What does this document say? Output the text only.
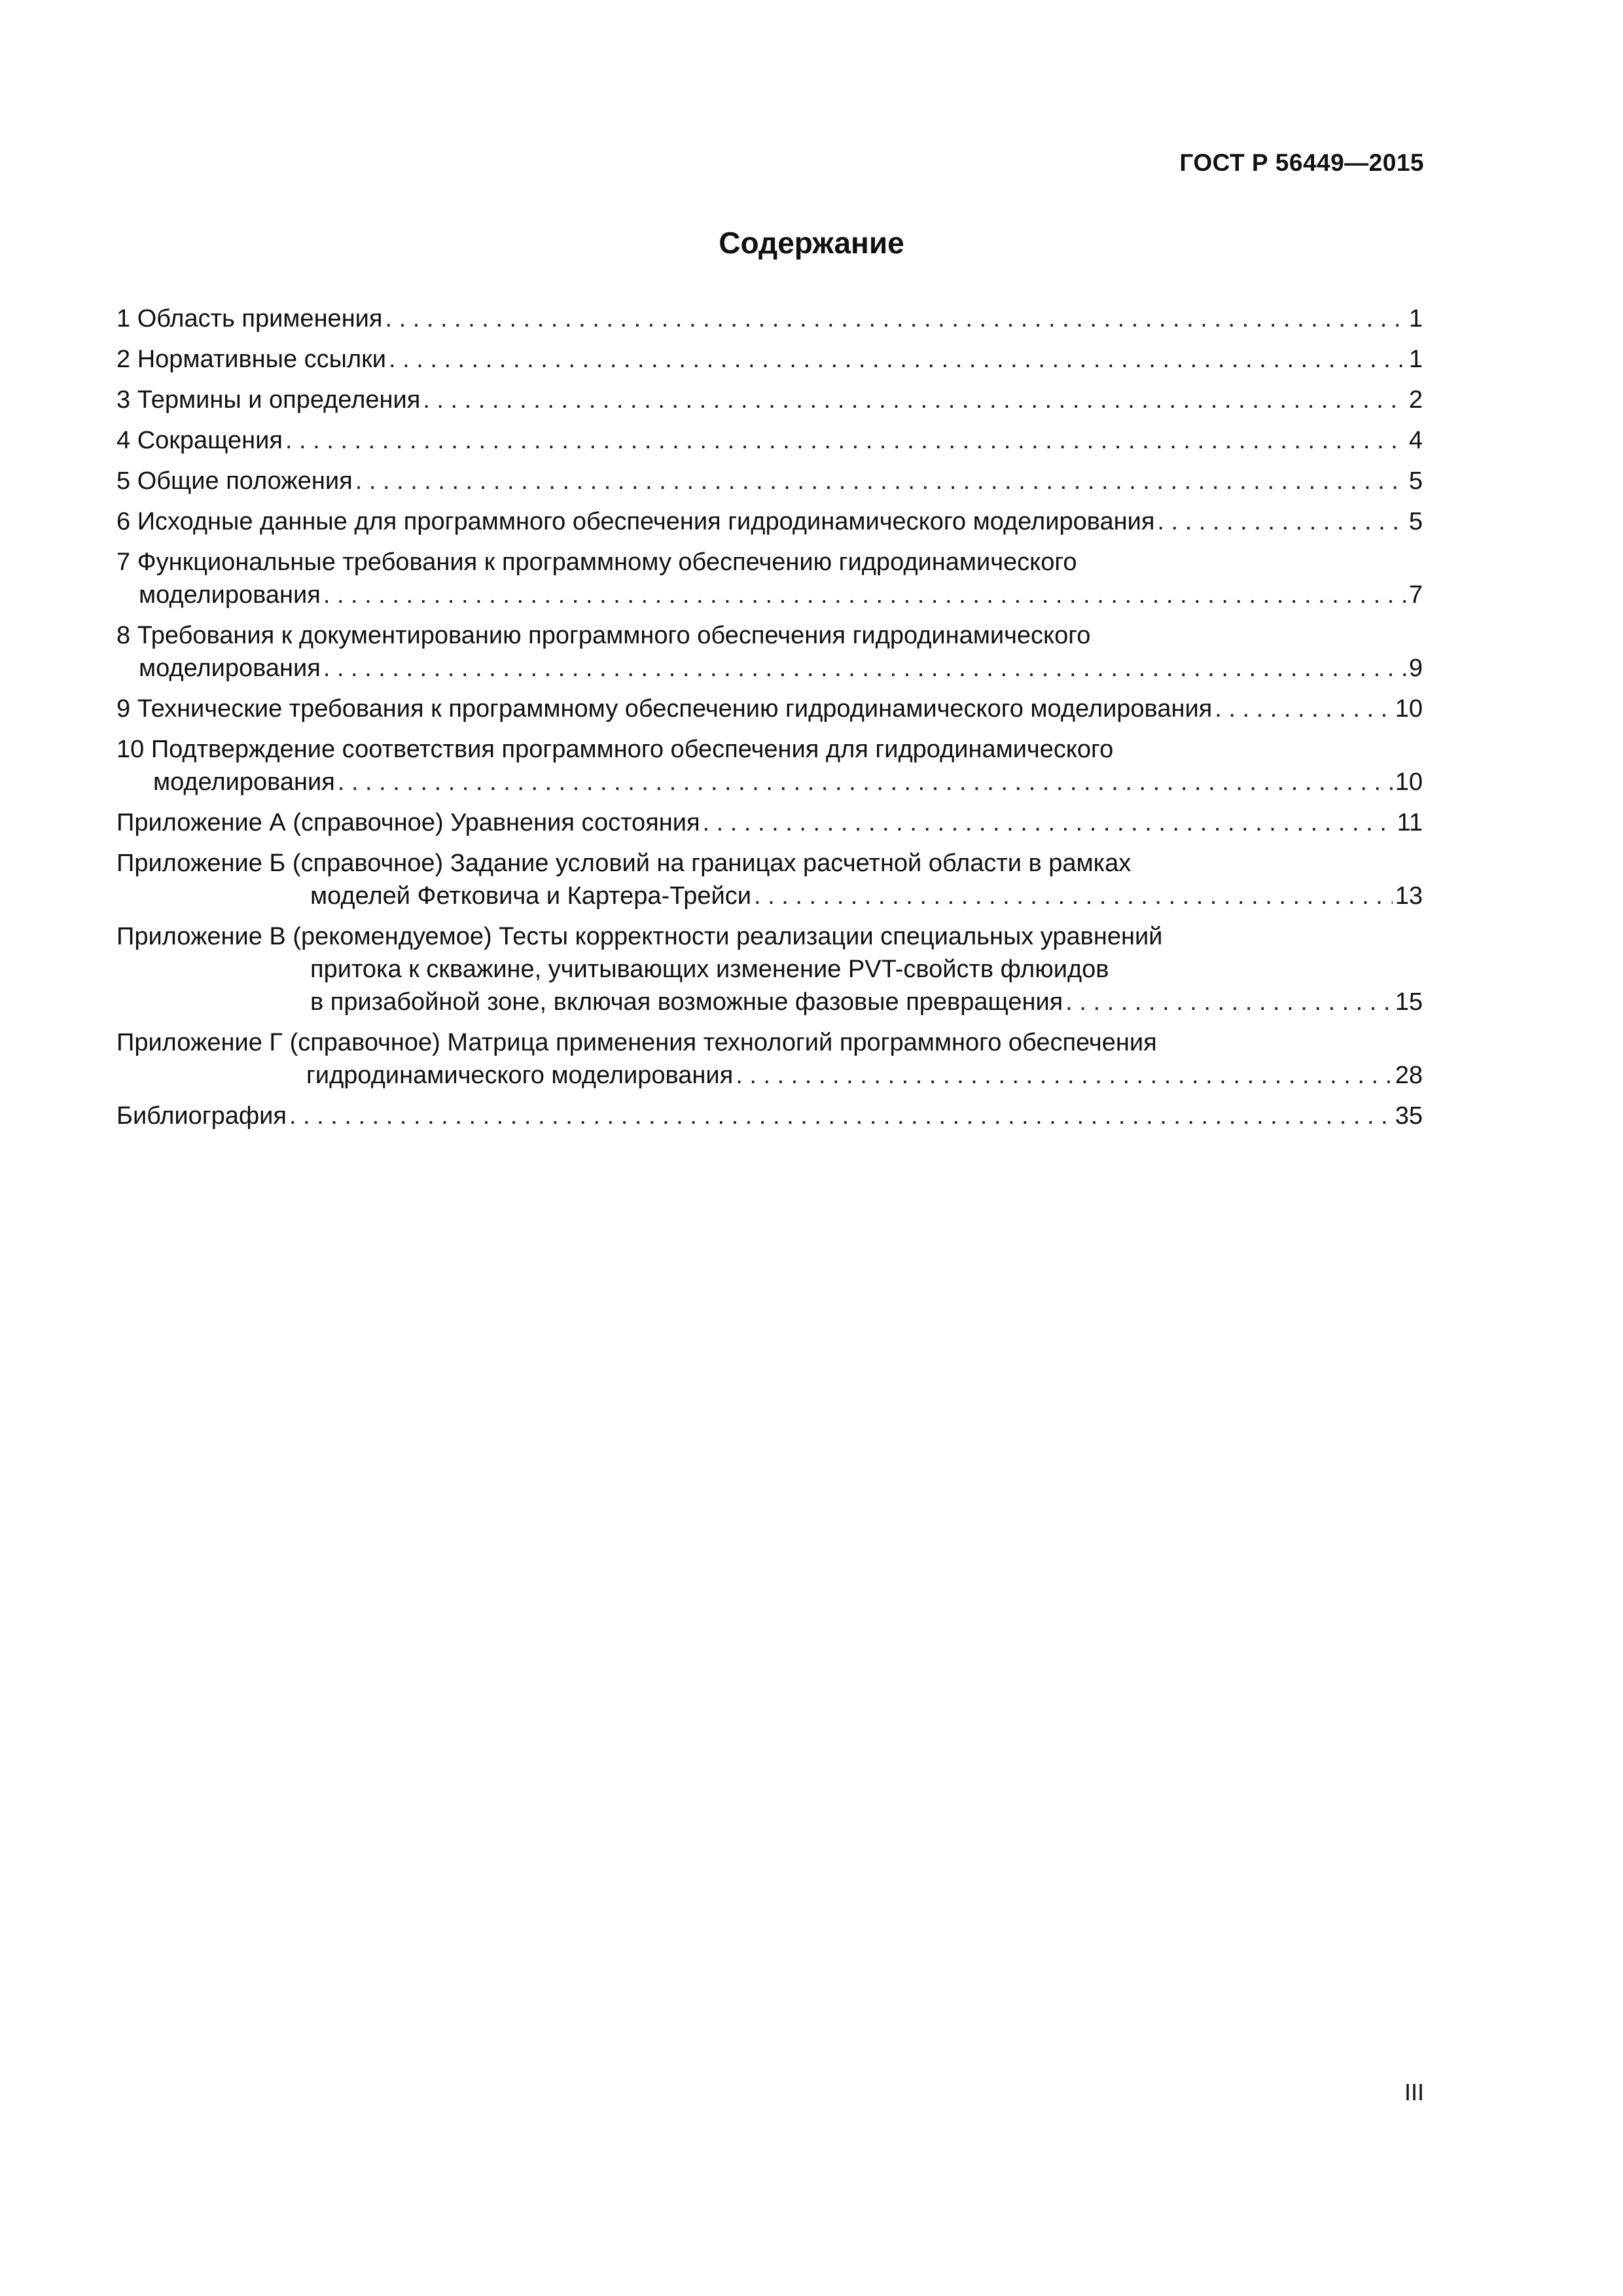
ГОСТ Р 56449—2015
Содержание
1 Область применения . . .	1
2 Нормативные ссылки . . .	1
3 Термины и определения . . .	2
4 Сокращения . . .	4
5 Общие положения . . .	5
6 Исходные данные для программного обеспечения гидродинамического моделирования . . .	5
7 Функциональные требования к программному обеспечению гидродинамического
моделирования . . .	7
8 Требования к документированию программного обеспечения гидродинамического
моделирования . . .	9
9 Технические требования к программному обеспечению гидродинамического моделирования . . .	10
10 Подтверждение соответствия программного обеспечения для гидродинамического
моделирования . . .	10
Приложение А (справочное) Уравнения состояния . . .	11
Приложение Б (справочное) Задание условий на границах расчетной области в рамках
моделей Фетковича и Картера-Трейси . . .	13
Приложение В (рекомендуемое) Тесты корректности реализации специальных уравнений
притока к скважине, учитывающих изменение PVT-свойств флюидов
в призабойной зоне, включая возможные фазовые превращения . . .	15
Приложение Г (справочное) Матрица применения технологий программного обеспечения
гидродинамического моделирования . . .	28
Библиография . . .	35
III
